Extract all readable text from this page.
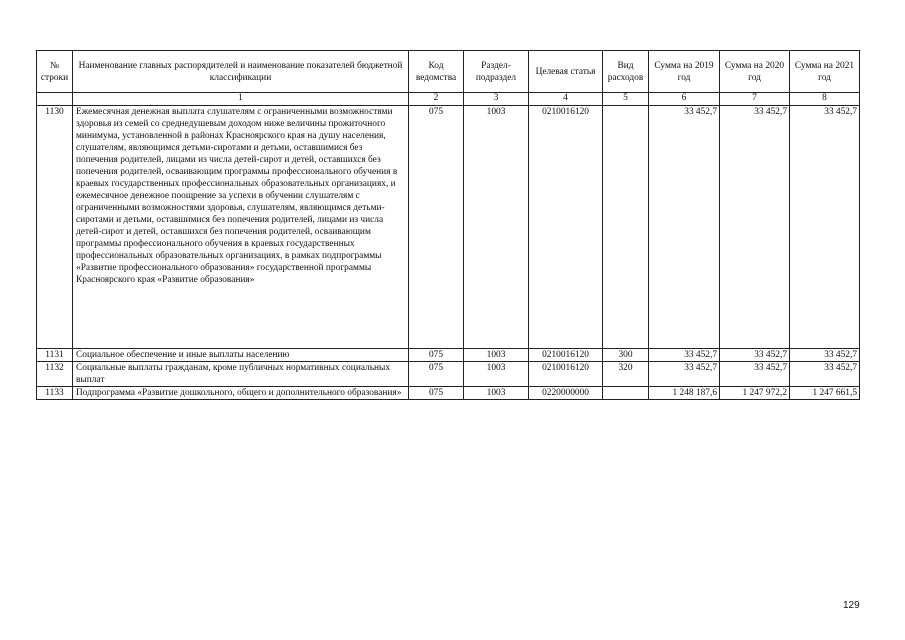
№ строки	Наименование главных распорядителей и наименование показателей бюджетной классификации	Код ведомства	Раздел-подраздел	Целевая статья	Вид расходов	Сумма на 2019 год	Сумма на 2020 год	Сумма на 2021 год
	1	2	3	4	5	6	7	8
1130	Ежемесячная денежная выплата слушателям с ограниченными возможностями здоровья из семей со среднедушевым доходом ниже величины прожиточного минимума, установленной в районах Красноярского края на душу населения, слушателям, являющимся детьми-сиротами и детьми, оставшимися без попечения родителей, лицами из числа детей-сирот и детей, оставшихся без попечения родителей, осваивающим программы профессионального обучения в краевых государственных профессиональных образовательных организациях, и ежемесячное денежное поощрение за успехи в обучении слушателям с ограниченными возможностями здоровья, слушателям, являющимся детьми-сиротами и детьми, оставшимися без попечения родителей, лицами из числа детей-сирот и детей, оставшихся без попечения родителей, осваивающим программы профессионального обучения в краевых государственных профессиональных образовательных организациях, в рамках подпрограммы «Развитие профессионального образования» государственной программы Красноярского края «Развитие образования»	075	1003	0210016120		33 452,7	33 452,7	33 452,7
1131	Социальное обеспечение и иные выплаты населению	075	1003	0210016120	300	33 452,7	33 452,7	33 452,7
1132	Социальные выплаты гражданам, кроме публичных нормативных социальных выплат	075	1003	0210016120	320	33 452,7	33 452,7	33 452,7
1133	Подпрограмма «Развитие дошкольного, общего и дополнительного образования»	075	1003	0220000000		1 248 187,6	1 247 972,2	1 247 661,5
129
